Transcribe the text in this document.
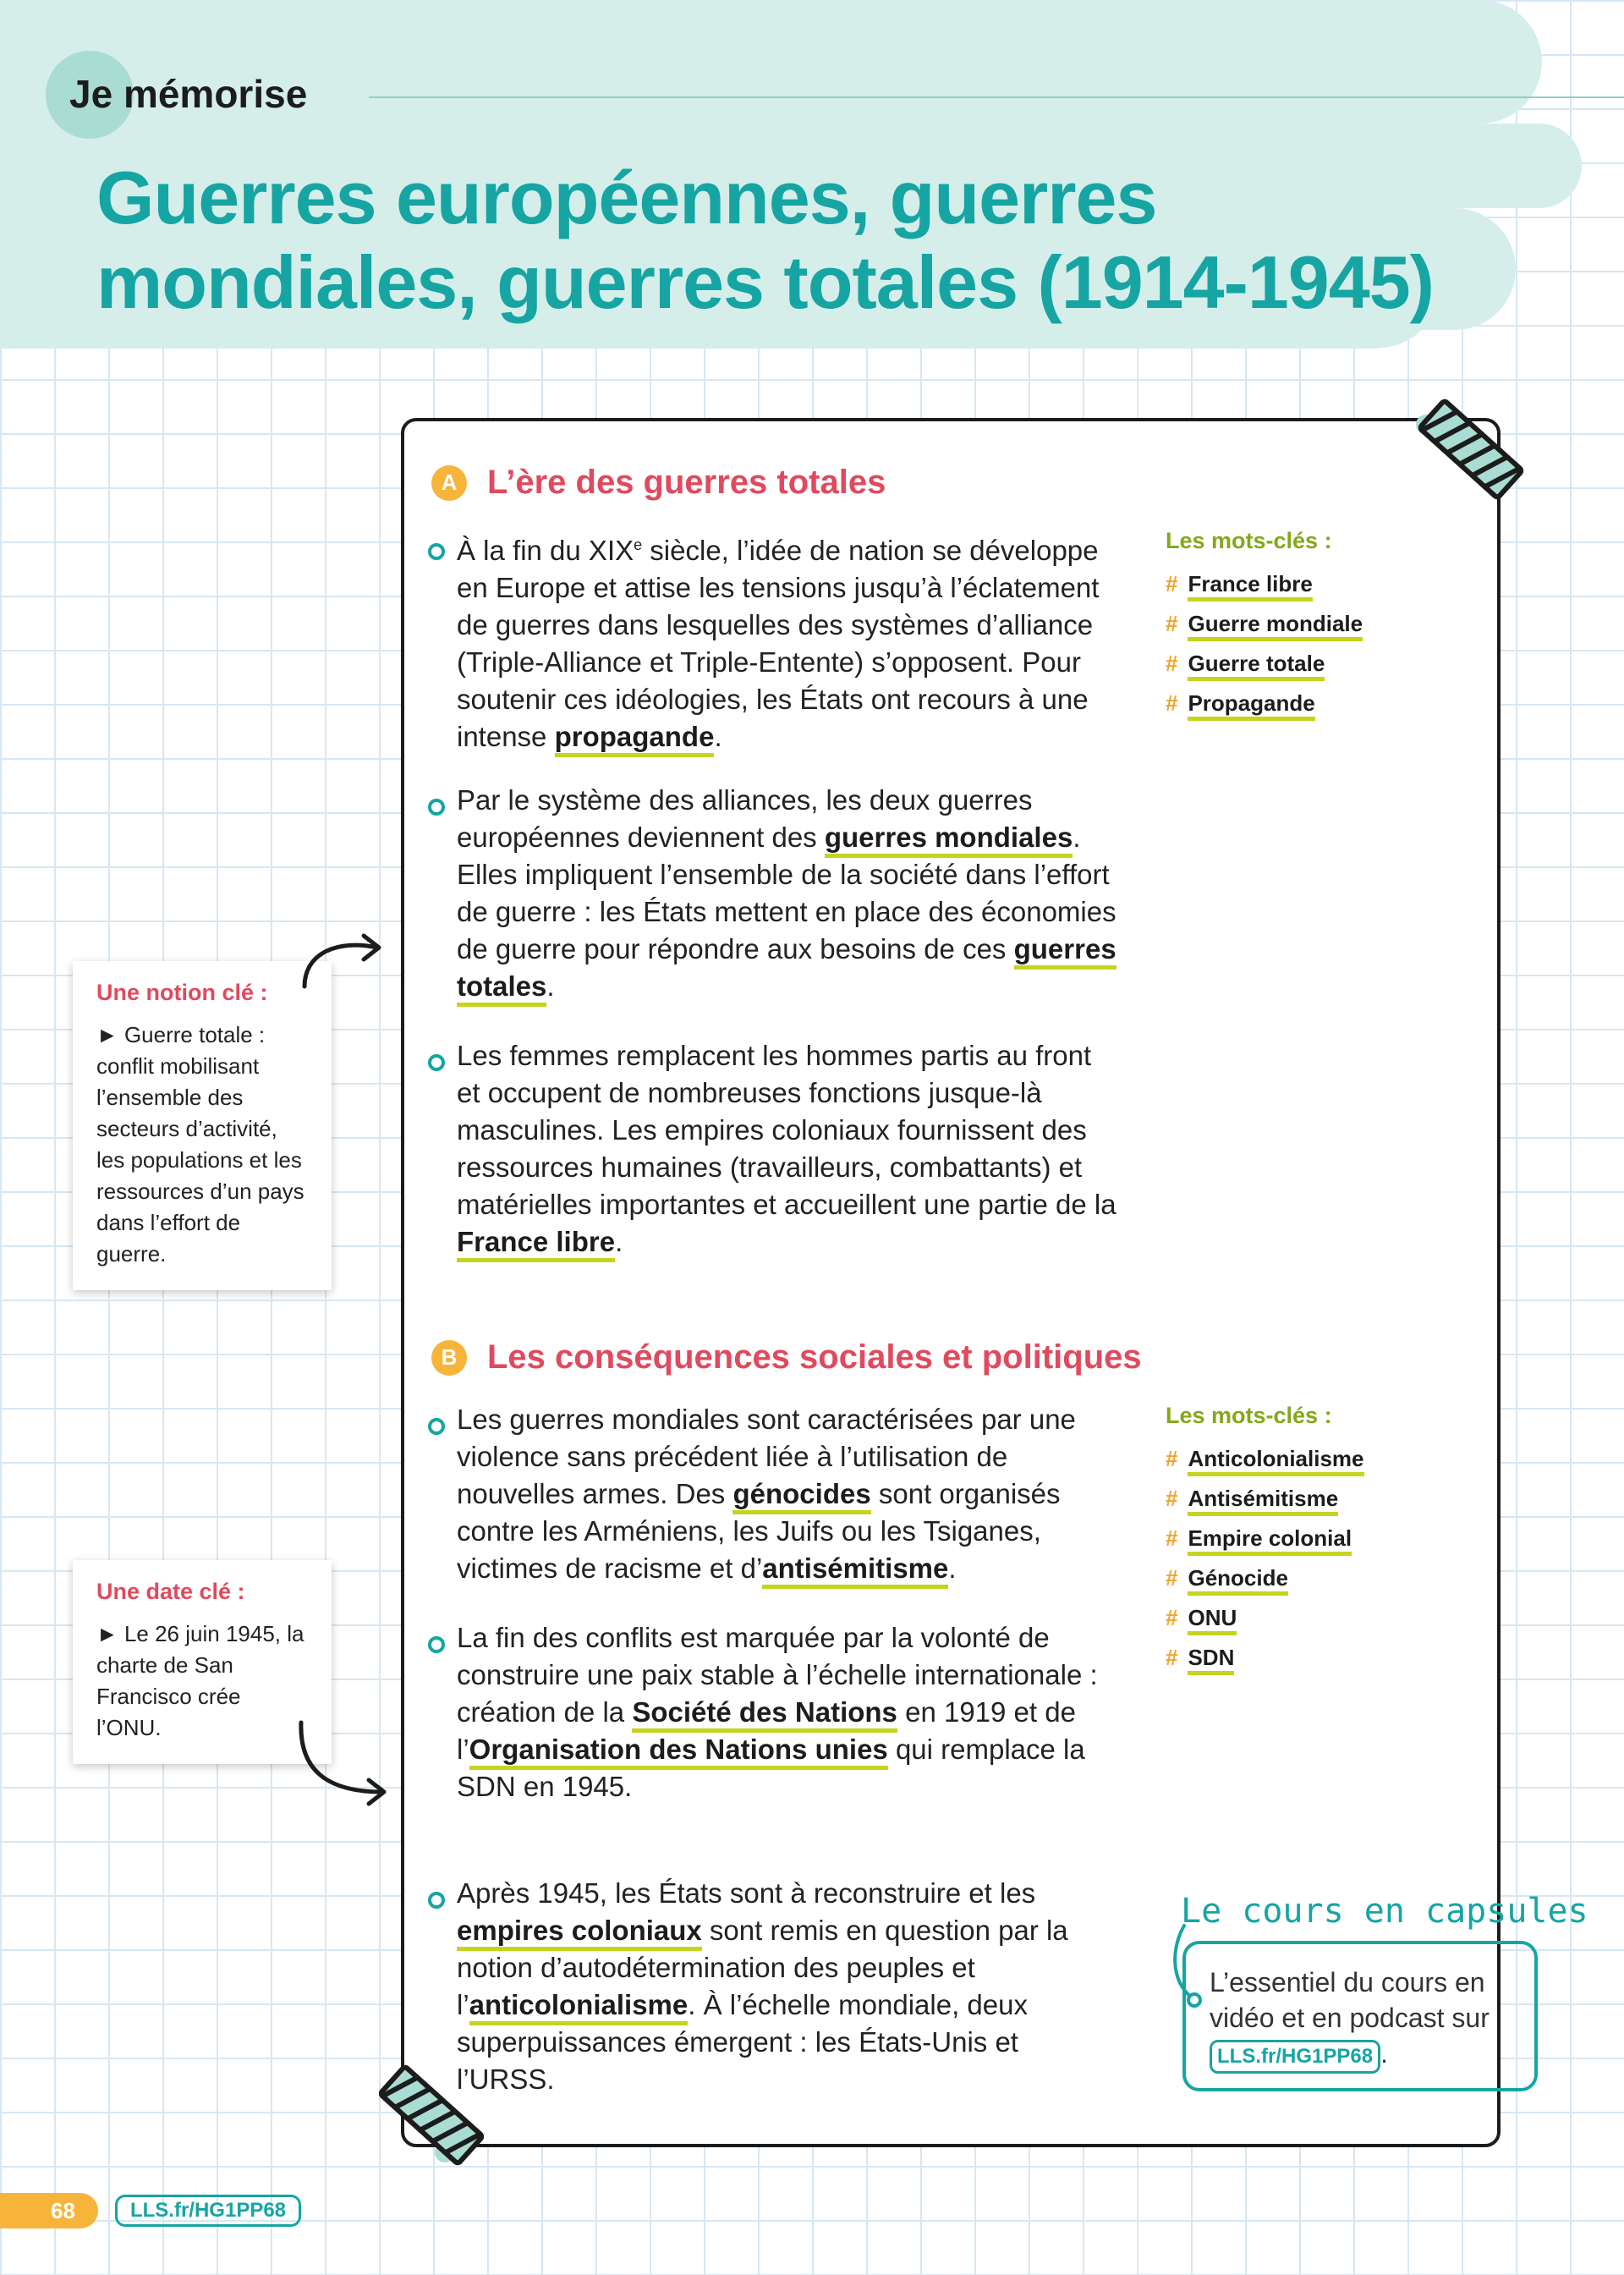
Je mémorise
Guerres européennes, guerres
mondiales, guerres totales (1914-1945)
A L’ère des guerres totales
À la fin du XIXe siècle, l’idée de nation se développe en Europe et attise les tensions jusqu’à l’éclatement de guerres dans lesquelles des systèmes d’alliance (Triple-Alliance et Triple-Entente) s’opposent. Pour soutenir ces idéologies, les États ont recours à une intense propagande.
Par le système des alliances, les deux guerres européennes deviennent des guerres mondiales. Elles impliquent l’ensemble de la société dans l’effort de guerre : les États mettent en place des économies de guerre pour répondre aux besoins de ces guerres totales.
Les femmes remplacent les hommes partis au front et occupent de nombreuses fonctions jusque-là masculines. Les empires coloniaux fournissent des ressources humaines (travailleurs, combattants) et matérielles importantes et accueillent une partie de la France libre.
Les mots-clés :
# France libre
# Guerre mondiale
# Guerre totale
# Propagande
B Les conséquences sociales et politiques
Les guerres mondiales sont caractérisées par une violence sans précédent liée à l’utilisation de nouvelles armes. Des génocides sont organisés contre les Arméniens, les Juifs ou les Tsiganes, victimes de racisme et d’antisémitisme.
La fin des conflits est marquée par la volonté de construire une paix stable à l’échelle internationale : création de la Société des Nations en 1919 et de l’Organisation des Nations unies qui remplace la SDN en 1945.
Après 1945, les États sont à reconstruire et les empires coloniaux sont remis en question par la notion d’autodétermination des peuples et l’anticolonialisme. À l’échelle mondiale, deux superpuissances émergent : les États-Unis et l’URSS.
Les mots-clés :
# Anticolonialisme
# Antisémitisme
# Empire colonial
# Génocide
# ONU
# SDN
Une notion clé :
► Guerre totale : conflit mobilisant l’ensemble des secteurs d’activité, les populations et les ressources d’un pays dans l’effort de guerre.
Une date clé :
► Le 26 juin 1945, la charte de San Francisco crée l’ONU.
Le cours en capsules
L’essentiel du cours en vidéo et en podcast sur LLS.fr/HG1PP68 .
68	LLS.fr/HG1PP68
